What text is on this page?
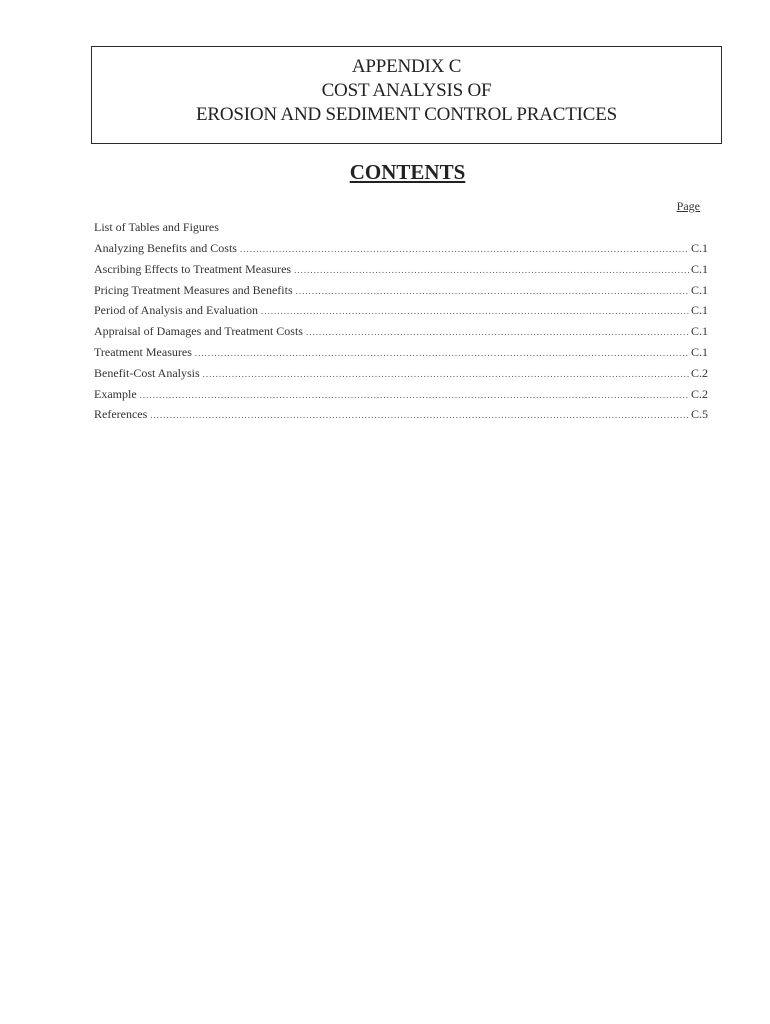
APPENDIX C
COST ANALYSIS OF
EROSION AND SEDIMENT CONTROL PRACTICES
CONTENTS
Page
List of Tables and Figures
Analyzing Benefits and Costs .....	C.1
Ascribing Effects to Treatment Measures .....	C.1
Pricing Treatment Measures and Benefits .....	C.1
Period of Analysis and Evaluation .....	C.1
Appraisal of Damages and Treatment Costs .....	C.1
Treatment Measures .....	C.1
Benefit-Cost Analysis .....	C.2
Example .....	C.2
References .....	C.5
